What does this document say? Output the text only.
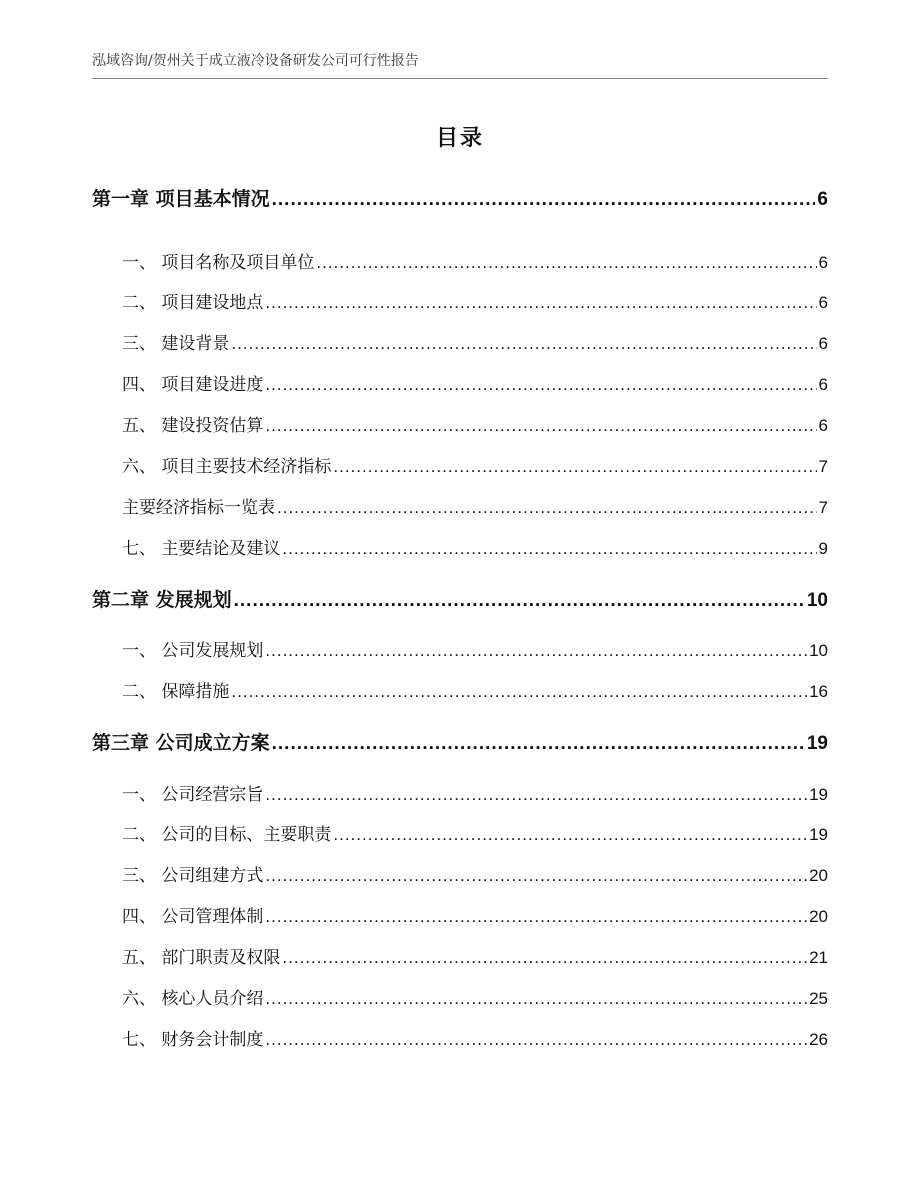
泓域咨询/贺州关于成立液冷设备研发公司可行性报告
目录
第一章 项目基本情况 .....	6
一、 项目名称及项目单位 .....	6
二、 项目建设地点 .....	6
三、 建设背景 .....	6
四、 项目建设进度 .....	6
五、 建设投资估算 .....	6
六、 项目主要技术经济指标 .....	7
主要经济指标一览表 .....	7
七、 主要结论及建议 .....	9
第二章 发展规划 .....	10
一、 公司发展规划 .....	10
二、 保障措施 .....	16
第三章 公司成立方案 .....	19
一、 公司经营宗旨 .....	19
二、 公司的目标、主要职责 .....	19
三、 公司组建方式 .....	20
四、 公司管理体制 .....	20
五、 部门职责及权限 .....	21
六、 核心人员介绍 .....	25
七、 财务会计制度 .....	26
